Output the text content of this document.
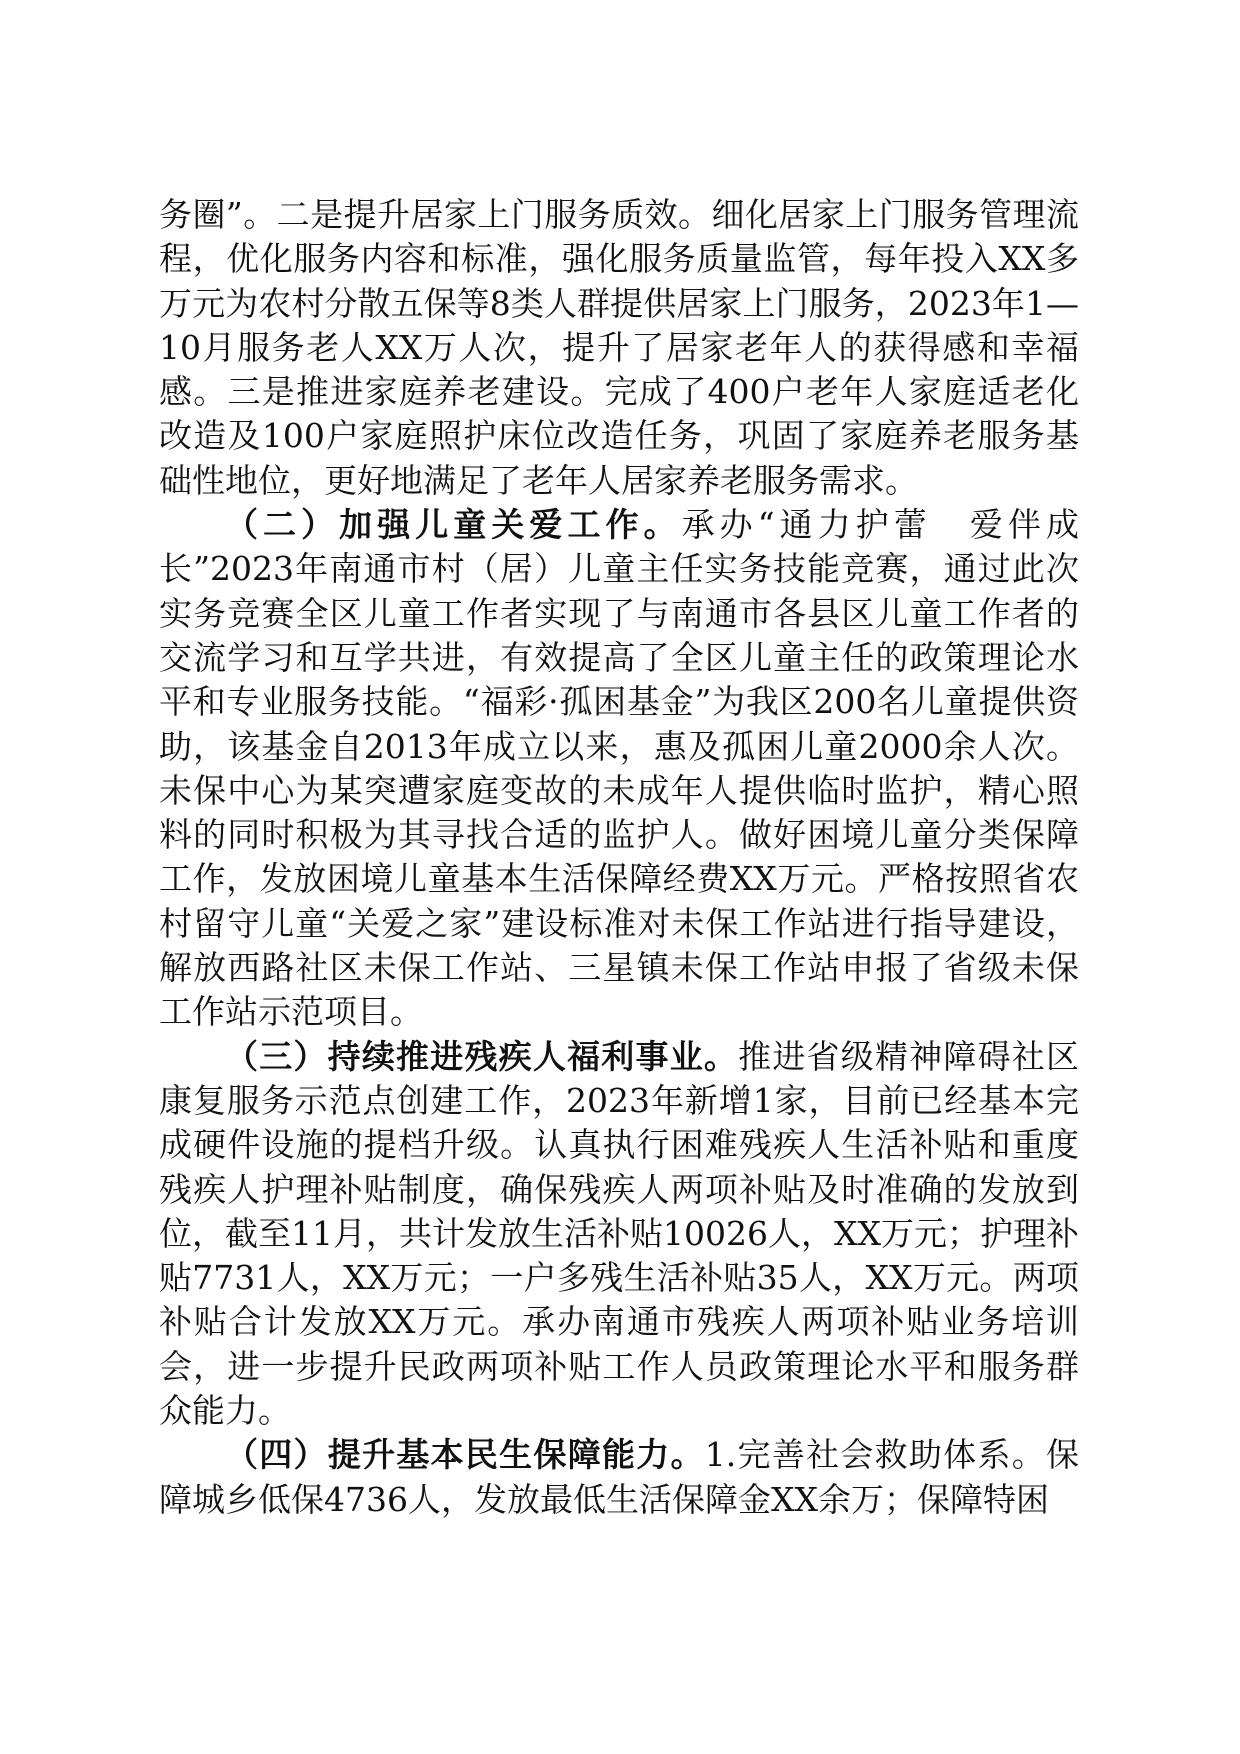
务圈”。二是提升居家上门服务质效。细化居家上门服务管理流程，优化服务内容和标准，强化服务质量监管，每年投入XX多万元为农村分散五保等8类人群提供居家上门服务，2023年1—10月服务老人XX万人次，提升了居家老年人的获得感和幸福感。三是推进家庭养老建设。完成了400户老年人家庭适老化改造及100户家庭照护床位改造任务，巩固了家庭养老服务基础性地位，更好地满足了老年人居家养老服务需求。

（二）加强儿童关爱工作。承办“通力护蕾　爱伴成长”2023年南通市村（居）儿童主任实务技能竞赛，通过此次实务竞赛全区儿童工作者实现了与南通市各县区儿童工作者的交流学习和互学共进，有效提高了全区儿童主任的政策理论水平和专业服务技能。“福彩·孤困基金”为我区200名儿童提供资助，该基金自2013年成立以来，惠及孤困儿童2000余人次。未保中心为某突遭家庭变故的未成年人提供临时监护，精心照料的同时积极为其寻找合适的监护人。做好困境儿童分类保障工作，发放困境儿童基本生活保障经费XX万元。严格按照省农村留守儿童“关爱之家”建设标准对未保工作站进行指导建设，解放西路社区未保工作站、三星镇未保工作站申报了省级未保工作站示范项目。

（三）持续推进残疾人福利事业。推进省级精神障碍社区康复服务示范点创建工作，2023年新增1家，目前已经基本完成硬件设施的提档升级。认真执行困难残疾人生活补贴和重度残疾人护理补贴制度，确保残疾人两项补贴及时准确的发放到位，截至11月，共计发放生活补贴10026人，XX万元；护理补贴7731人，XX万元；一户多残生活补贴35人，XX万元。两项补贴合计发放XX万元。承办南通市残疾人两项补贴业务培训会，进一步提升民政两项补贴工作人员政策理论水平和服务群众能力。

（四）提升基本民生保障能力。1.完善社会救助体系。保障城乡低保4736人，发放最低生活保障金XX余万；保障特困
